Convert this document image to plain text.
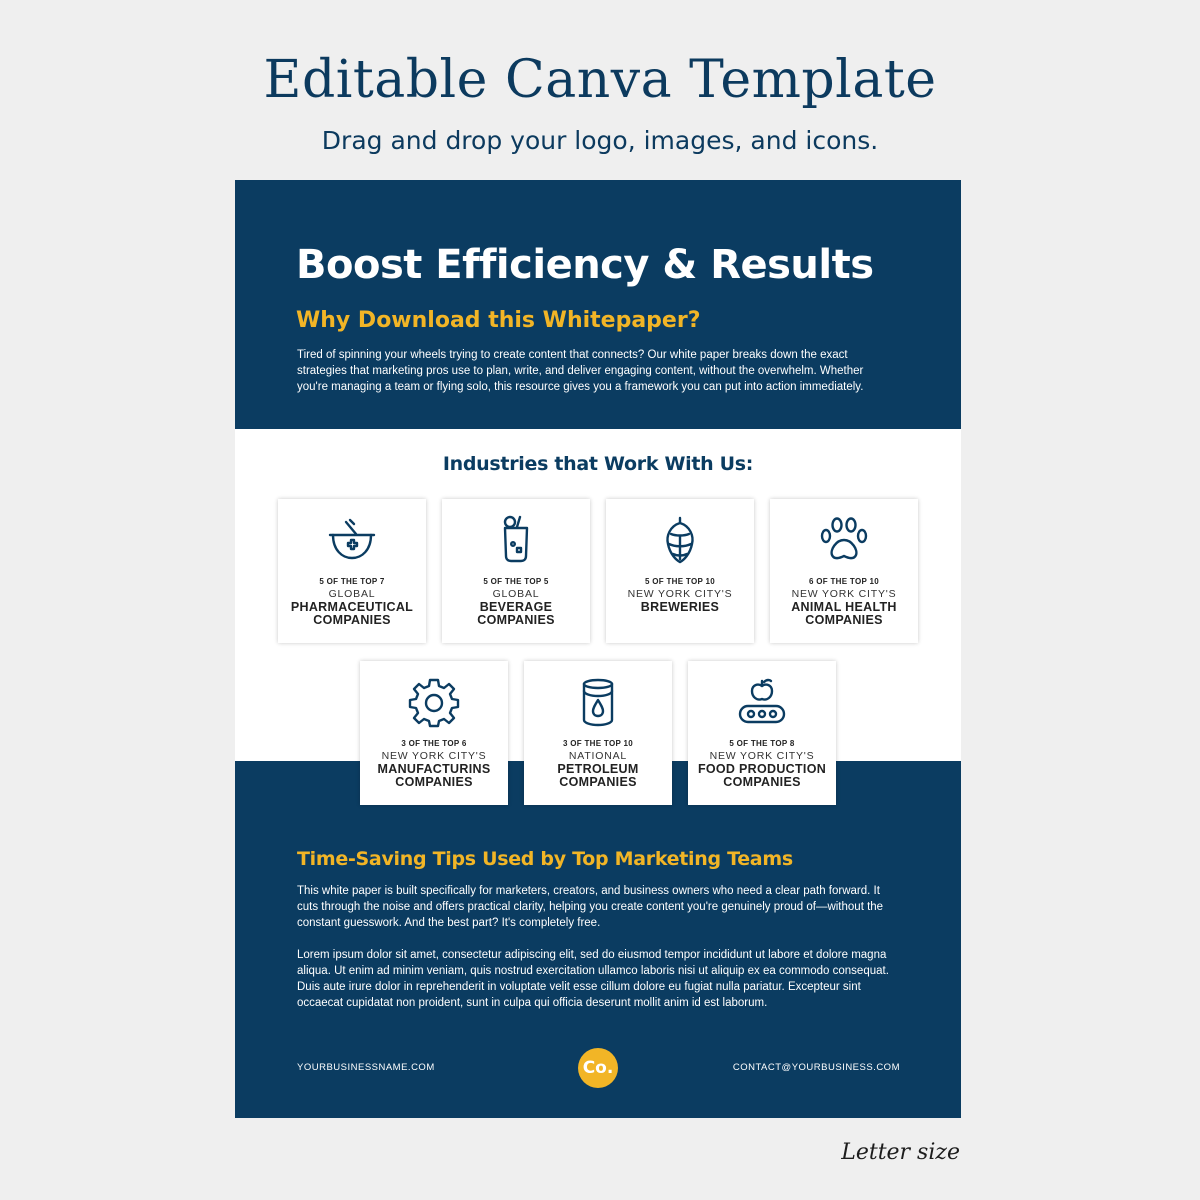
Editable Canva Template
Drag and drop your logo, images, and icons.
Boost Efficiency & Results
Why Download this Whitepaper?
Tired of spinning your wheels trying to create content that connects? Our white paper breaks down the exact strategies that marketing pros use to plan, write, and deliver engaging content, without the overwhelm. Whether you're managing a team or flying solo, this resource gives you a framework you can put into action immediately.
Industries that Work With Us:
5 OF THE TOP 7
GLOBAL
PHARMACEUTICAL
COMPANIES
5 OF THE TOP 5
GLOBAL
BEVERAGE
COMPANIES
5 OF THE TOP 10
NEW YORK CITY'S
BREWERIES
6 OF THE TOP 10
NEW YORK CITY'S
ANIMAL HEALTH
COMPANIES
3 OF THE TOP 6
NEW YORK CITY'S
MANUFACTURINS
COMPANIES
3 OF THE TOP 10
NATIONAL
PETROLEUM
COMPANIES
5 OF THE TOP 8
NEW YORK CITY'S
FOOD PRODUCTION
COMPANIES
Time-Saving Tips Used by Top Marketing Teams
This white paper is built specifically for marketers, creators, and business owners who need a clear path forward. It cuts through the noise and offers practical clarity, helping you create content you're genuinely proud of—without the constant guesswork. And the best part? It's completely free.
Lorem ipsum dolor sit amet, consectetur adipiscing elit, sed do eiusmod tempor incididunt ut labore et dolore magna aliqua. Ut enim ad minim veniam, quis nostrud exercitation ullamco laboris nisi ut aliquip ex ea commodo consequat. Duis aute irure dolor in reprehenderit in voluptate velit esse cillum dolore eu fugiat nulla pariatur. Excepteur sint occaecat cupidatat non proident, sunt in culpa qui officia deserunt mollit anim id est laborum.
YOURBUSINESSNAME.COM	Co.	CONTACT@YOURBUSINESS.COM
Letter size
